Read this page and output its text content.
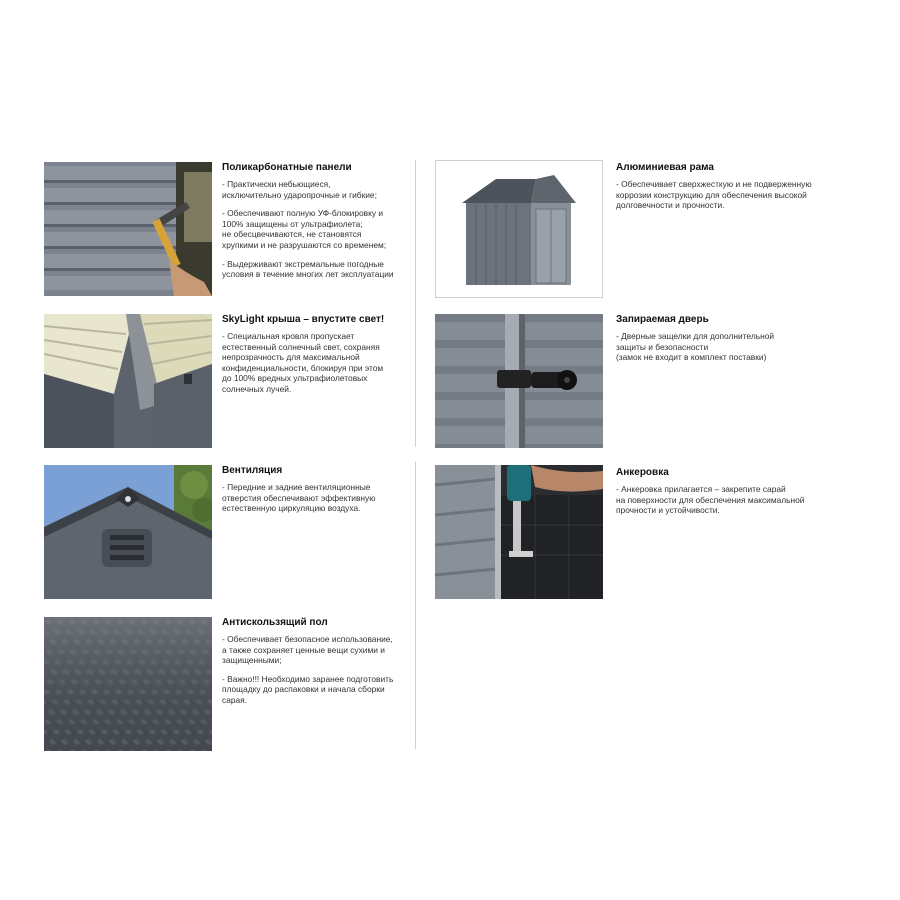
Поликарбонатные панели

- Практически небьющиеся,
исключительно ударопрочные и гибкие;

- Обеспечивают полную УФ-блокировку и
100% защищены от ультрафиолета;
не обесцвечиваются, не становятся
хрупкими и не разрушаются со временем;

- Выдерживают экстремальные погодные
условия в течение многих лет эксплуатации

Алюминиевая рама

- Обеспечивает сверхжесткую и не подверженную
коррозии конструкцию для обеспечения высокой
долговечности и прочности.

SkyLight крыша – впустите свет!

- Специальная кровля пропускает
естественный солнечный свет, сохраняя
непрозрачность для максимальной
конфиденциальности, блокируя при этом
до 100% вредных ультрафиолетовых
солнечных лучей.

Запираемая дверь

- Дверные защелки для дополнительной
защиты и безопасности
(замок не входит в комплект поставки)

Вентиляция

- Передние и задние вентиляционные
отверстия обеспечивают эффективную
естественную циркуляцию воздуха.

Анкеровка

- Анкеровка прилагается – закрепите сарай
на поверхности для обеспечения максимальной
прочности и устойчивости.

Антискользящий пол

- Обеспечивает безопасное использование,
а также сохраняет ценные вещи сухими и
защищенными;

- Важно!!! Необходимо заранее подготовить
площадку до распаковки и начала сборки
сарая.
